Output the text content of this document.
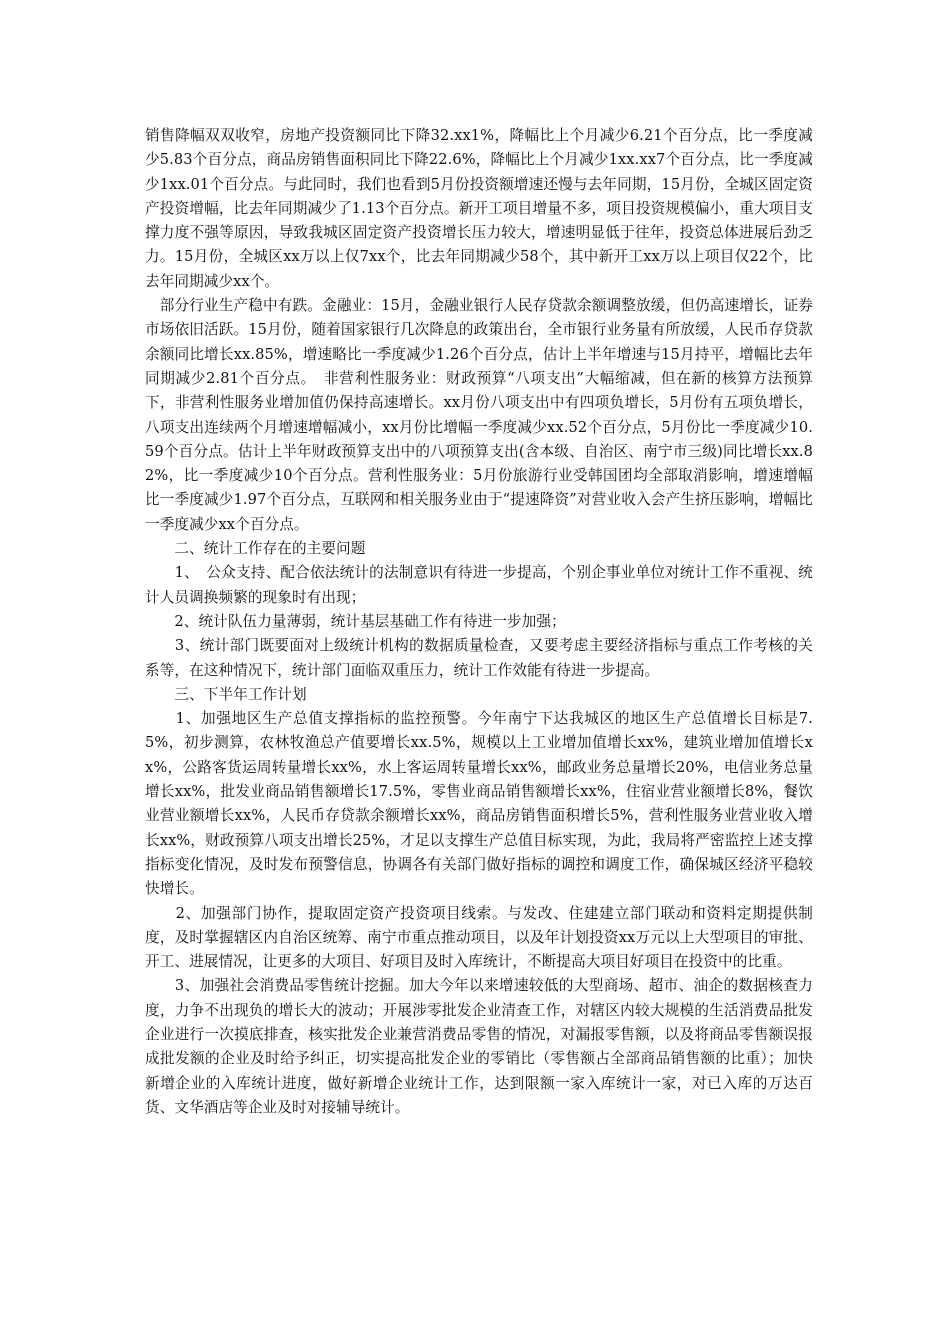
销售降幅双双收窄，房地产投资额同比下降32.xx1%，降幅比上个月减少6.21个百分点，比一季度减少5.83个百分点，商品房销售面积同比下降22.6%，降幅比上个月减少1xx.xx7个百分点，比一季度减少1xx.01个百分点。与此同时，我们也看到5月份投资额增速还慢与去年同期，15月份，全城区固定资产投资增幅，比去年同期减少了1.13个百分点。新开工项目增量不多，项目投资规模偏小，重大项目支撑力度不强等原因，导致我城区固定资产投资增长压力较大，增速明显低于往年，投资总体进展后劲乏力。15月份，全城区xx万以上仅7xx个，比去年同期减少58个，其中新开工xx万以上项目仅22个，比去年同期减少xx个。

　部分行业生产稳中有跌。金融业：15月，金融业银行人民存贷款余额调整放缓，但仍高速增长，证券市场依旧活跃。15月份，随着国家银行几次降息的政策出台，全市银行业务量有所放缓，人民币存贷款余额同比增长xx.85%，增速略比一季度减少1.26个百分点，估计上半年增速与15月持平，增幅比去年同期减少2.81个百分点。　非营利性服务业：财政预算“八项支出”大幅缩减，但在新的核算方法预算下，非营利性服务业增加值仍保持高速增长。xx月份八项支出中有四项负增长，5月份有五项负增长，八项支出连续两个月增速增幅减小，xx月份比增幅一季度减少xx.52个百分点，5月份比一季度减少10.59个百分点。估计上半年财政预算支出中的八项预算支出(含本级、自治区、南宁市三级)同比增长xx.82%，比一季度减少10个百分点。营利性服务业：5月份旅游行业受韩国团均全部取消影响，增速增幅比一季度减少1.97个百分点，互联网和相关服务业由于“提速降资”对营业收入会产生挤压影响，增幅比一季度减少xx个百分点。

　　二、统计工作存在的主要问题

　　1、　公众支持、配合依法统计的法制意识有待进一步提高，个别企事业单位对统计工作不重视、统计人员调换频繁的现象时有出现；

　　2、统计队伍力量薄弱，统计基层基础工作有待进一步加强；

　　3、统计部门既要面对上级统计机构的数据质量检查，又要考虑主要经济指标与重点工作考核的关系等，在这种情况下，统计部门面临双重压力，统计工作效能有待进一步提高。

　　三、下半年工作计划

　　1、加强地区生产总值支撑指标的监控预警。今年南宁下达我城区的地区生产总值增长目标是7.5%，初步测算，农林牧渔总产值要增长xx.5%，规模以上工业增加值增长xx%，建筑业增加值增长xx%，公路客货运周转量增长xx%，水上客运周转量增长xx%，邮政业务总量增长20%，电信业务总量增长xx%，批发业商品销售额增长17.5%，零售业商品销售额增长xx%，住宿业营业额增长8%，餐饮业营业额增长xx%，人民币存贷款余额增长xx%，商品房销售面积增长5%，营利性服务业营业收入增长xx%，财政预算八项支出增长25%，才足以支撑生产总值目标实现，为此，我局将严密监控上述支撑指标变化情况，及时发布预警信息，协调各有关部门做好指标的调控和调度工作，确保城区经济平稳较快增长。

　　2、加强部门协作，提取固定资产投资项目线索。与发改、住建建立部门联动和资料定期提供制度，及时掌握辖区内自治区统筹、南宁市重点推动项目，以及年计划投资xx万元以上大型项目的审批、开工、进展情况，让更多的大项目、好项目及时入库统计，不断提高大项目好项目在投资中的比重。

　　3、加强社会消费品零售统计挖掘。加大今年以来增速较低的大型商场、超市、油企的数据核查力度，力争不出现负的增长大的波动；开展涉零批发企业清查工作，对辖区内较大规模的生活消费品批发企业进行一次摸底排查，核实批发企业兼营消费品零售的情况，对漏报零售额，以及将商品零售额误报成批发额的企业及时给予纠正，切实提高批发企业的零销比（零售额占全部商品销售额的比重）；加快新增企业的入库统计进度，做好新增企业统计工作，达到限额一家入库统计一家，对已入库的万达百货、文华酒店等企业及时对接辅导统计。
